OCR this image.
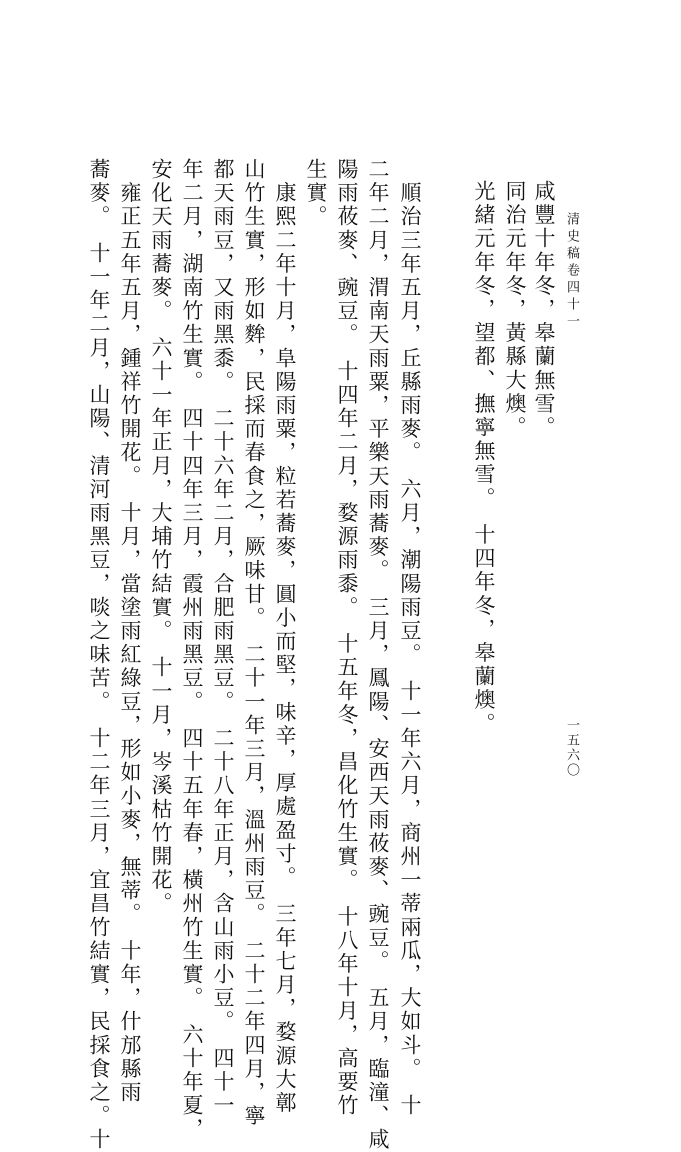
清史稿卷四十一
咸豐十年冬，皋蘭無雪。
同治元年冬，黃縣大燠。
光緒元年冬，望都、撫寧無雪。　十四年冬，皋蘭燠。
　順治三年五月，丘縣雨麥。　六月，潮陽雨豆。　十一年六月，商州一蒂兩瓜，大如斗。　十
二年二月，渭南天雨粟，平樂天雨蕎麥。　三月，鳳陽、安西天雨莜麥、豌豆。　五月，臨潼、咸
陽雨莜麥、豌豆。　十四年二月，婺源雨黍。　十五年冬，昌化竹生實。　十八年十月，高要竹
生實。
　康熙二年十月，阜陽雨粟，粒若蕎麥，圓小而堅，味辛，厚處盈寸。　三年七月，婺源大鄣
山竹生實，形如麰，民採而春食之，厥味甘。　二十一年三月，溫州雨豆。　二十二年四月，寧
都天雨豆，又雨黑黍。　二十六年二月，合肥雨黑豆。　二十八年正月，含山雨小豆。　四十一
年二月，湖南竹生實。　四十四年三月，霞州雨黑豆。　四十五年春，橫州竹生實。　六十年夏，
安化天雨蕎麥。　六十一年正月，大埔竹結實。　十一月，岑溪枯竹開花。
　雍正五年五月，鍾祥竹開花。　十月，當塗雨紅綠豆，形如小麥，無蒂。　十年，什邡縣雨
蕎麥。　十一年二月，山陽、清河雨黑豆，啖之味苦。　十二年三月，宜昌竹結實，民採食之。十	一五六〇
